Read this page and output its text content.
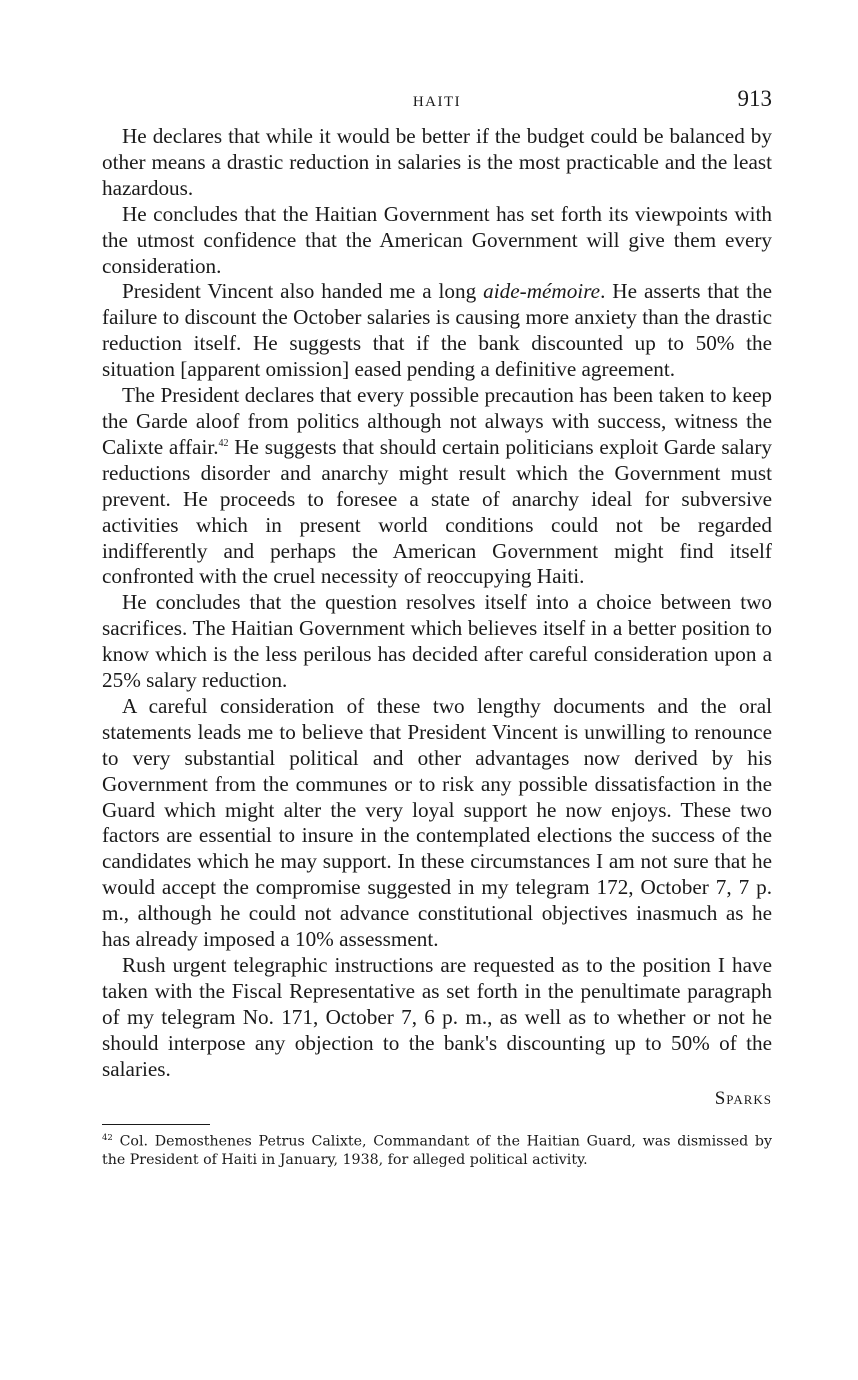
HAITI	913

He declares that while it would be better if the budget could be balanced by other means a drastic reduction in salaries is the most practicable and the least hazardous.

He concludes that the Haitian Government has set forth its viewpoints with the utmost confidence that the American Government will give them every consideration.

President Vincent also handed me a long aide-mémoire. He asserts that the failure to discount the October salaries is causing more anxiety than the drastic reduction itself. He suggests that if the bank discounted up to 50% the situation [apparent omission] eased pending a definitive agreement.

The President declares that every possible precaution has been taken to keep the Garde aloof from politics although not always with success, witness the Calixte affair.$^{42}$ He suggests that should certain politicians exploit Garde salary reductions disorder and anarchy might result which the Government must prevent. He proceeds to foresee a state of anarchy ideal for subversive activities which in present world conditions could not be regarded indifferently and perhaps the American Government might find itself confronted with the cruel necessity of reoccupying Haiti.

He concludes that the question resolves itself into a choice between two sacrifices. The Haitian Government which believes itself in a better position to know which is the less perilous has decided after careful consideration upon a 25% salary reduction.

A careful consideration of these two lengthy documents and the oral statements leads me to believe that President Vincent is unwilling to renounce to very substantial political and other advantages now derived by his Government from the communes or to risk any possible dissatisfaction in the Guard which might alter the very loyal support he now enjoys. These two factors are essential to insure in the contemplated elections the success of the candidates which he may support. In these circumstances I am not sure that he would accept the compromise suggested in my telegram 172, October 7, 7 p. m., although he could not advance constitutional objectives inasmuch as he has already imposed a 10% assessment.

Rush urgent telegraphic instructions are requested as to the position I have taken with the Fiscal Representative as set forth in the penultimate paragraph of my telegram No. 171, October 7, 6 p. m., as well as to whether or not he should interpose any objection to the bank's discounting up to 50% of the salaries.

Sparks
$^{42}$ Col. Demosthenes Petrus Calixte, Commandant of the Haitian Guard, was dismissed by the President of Haiti in January, 1938, for alleged political activity.
